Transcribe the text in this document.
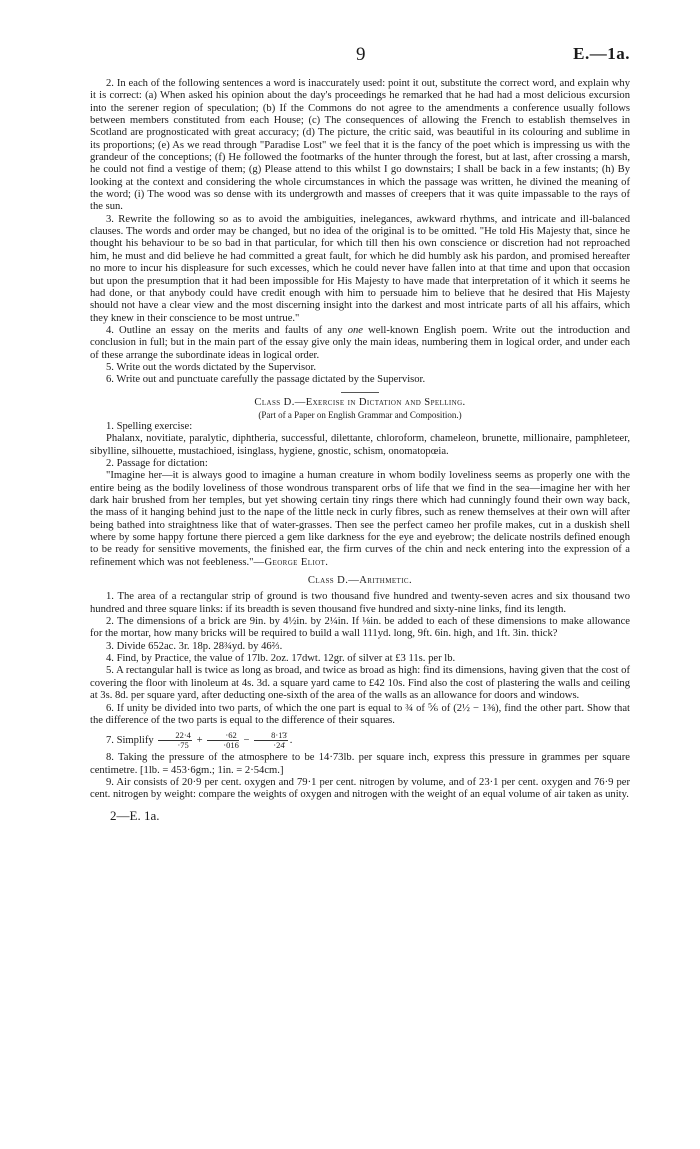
9	E.—1a.

2. In each of the following sentences a word is inaccurately used: point it out, substitute the correct word, and explain why it is correct: (a) When asked his opinion about the day's proceedings he remarked that he had had a most delicious excursion into the serener region of speculation; (b) If the Commons do not agree to the amendments a conference usually follows between members constituted from each House; (c) The consequences of allowing the French to establish themselves in Scotland are prognosticated with great accuracy; (d) The picture, the critic said, was beautiful in its colouring and sublime in its proportions; (e) As we read through "Paradise Lost" we feel that it is the fancy of the poet which is impressing us with the grandeur of the conceptions; (f) He followed the footmarks of the hunter through the forest, but at last, after crossing a marsh, he could not find a vestige of them; (g) Please attend to this whilst I go downstairs; I shall be back in a few instants; (h) By looking at the context and considering the whole circumstances in which the passage was written, he divined the meaning of the word; (i) The wood was so dense with its undergrowth and masses of creepers that it was quite impassable to the rays of the sun.

3. Rewrite the following so as to avoid the ambiguities, inelegances, awkward rhythms, and intricate and ill-balanced clauses. The words and order may be changed, but no idea of the original is to be omitted. "He told His Majesty that, since he thought his behaviour to be so bad in that particular, for which till then his own conscience or discretion had not reproached him, he must and did believe he had committed a great fault, for which he did humbly ask his pardon, and promised hereafter no more to incur his displeasure for such excesses, which he could never have fallen into at that time and upon that occasion but upon the presumption that it had been impossible for His Majesty to have made that interpretation of it which it seems he had done, or that anybody could have credit enough with him to persuade him to believe that he desired that His Majesty should not have a clear view and the most discerning insight into the darkest and most intricate parts of all his affairs, which they knew in their conscience to be most untrue."

4. Outline an essay on the merits and faults of any one well-known English poem. Write out the introduction and conclusion in full; but in the main part of the essay give only the main ideas, numbering them in logical order, and under each of these arrange the subordinate ideas in logical order.

5. Write out the words dictated by the Supervisor.

6. Write out and punctuate carefully the passage dictated by the Supervisor.

Class D.—Exercise in Dictation and Spelling.

(Part of a Paper on English Grammar and Composition.)

1. Spelling exercise:

Phalanx, novitiate, paralytic, diphtheria, successful, dilettante, chloroform, chameleon, brunette, millionaire, pamphleteer, sibylline, silhouette, mustachioed, isinglass, hygiene, gnostic, schism, onomatopœia.

2. Passage for dictation:

"Imagine her—it is always good to imagine a human creature in whom bodily loveliness seems as properly one with the entire being as the bodily loveliness of those wondrous transparent orbs of life that we find in the sea—imagine her with her dark hair brushed from her temples, but yet showing certain tiny rings there which had cunningly found their own way back, the mass of it hanging behind just to the nape of the little neck in curly fibres, such as renew themselves at their own will after being bathed into straightness like that of water-grasses. Then see the perfect cameo her profile makes, cut in a duskish shell where by some happy fortune there pierced a gem like darkness for the eye and eyebrow; the delicate nostrils defined enough to be ready for sensitive movements, the finished ear, the firm curves of the chin and neck entering into the expression of a refinement which was not feebleness."—George Eliot.

Class D.—Arithmetic.

1. The area of a rectangular strip of ground is two thousand five hundred and twenty-seven acres and six thousand two hundred and three square links: if its breadth is seven thousand five hundred and sixty-nine links, find its length.

2. The dimensions of a brick are 9in. by 4½in. by 2¼in. If ⅛in. be added to each of these dimensions to make allowance for the mortar, how many bricks will be required to build a wall 111yd. long, 9ft. 6in. high, and 1ft. 3in. thick?

3. Divide 652ac. 3r. 18p. 28¾yd. by 46⅔.

4. Find, by Practice, the value of 17lb. 2oz. 17dwt. 12gr. of silver at £3 11s. per lb.

5. A rectangular hall is twice as long as broad, and twice as broad as high: find its dimensions, having given that the cost of covering the floor with linoleum at 4s. 3d. a square yard came to £42 10s. Find also the cost of plastering the walls and ceiling at 3s. 8d. per square yard, after deducting one-sixth of the area of the walls as an allowance for doors and windows.

6. If unity be divided into two parts, of which the one part is equal to ¾ of ⅚ of (2½ − 1⅜), find the other part. Show that the difference of the two parts is equal to the difference of their squares.

7. Simplify $\frac{22\cdot 4}{\cdot 75} + \frac{\cdot 62}{\cdot 016} - \frac{8\cdot 1̇3̇}{\cdot 24̇}$ .

8. Taking the pressure of the atmosphere to be 14·73lb. per square inch, express this pressure in grammes per square centimetre. [1lb. = 453·6gm.; 1in. = 2·54cm.]

9. Air consists of 20·9 per cent. oxygen and 79·1 per cent. nitrogen by volume, and of 23·1 per cent. oxygen and 76·9 per cent. nitrogen by weight: compare the weights of oxygen and nitrogen with the weight of an equal volume of air taken as unity.

2—E. 1a.
